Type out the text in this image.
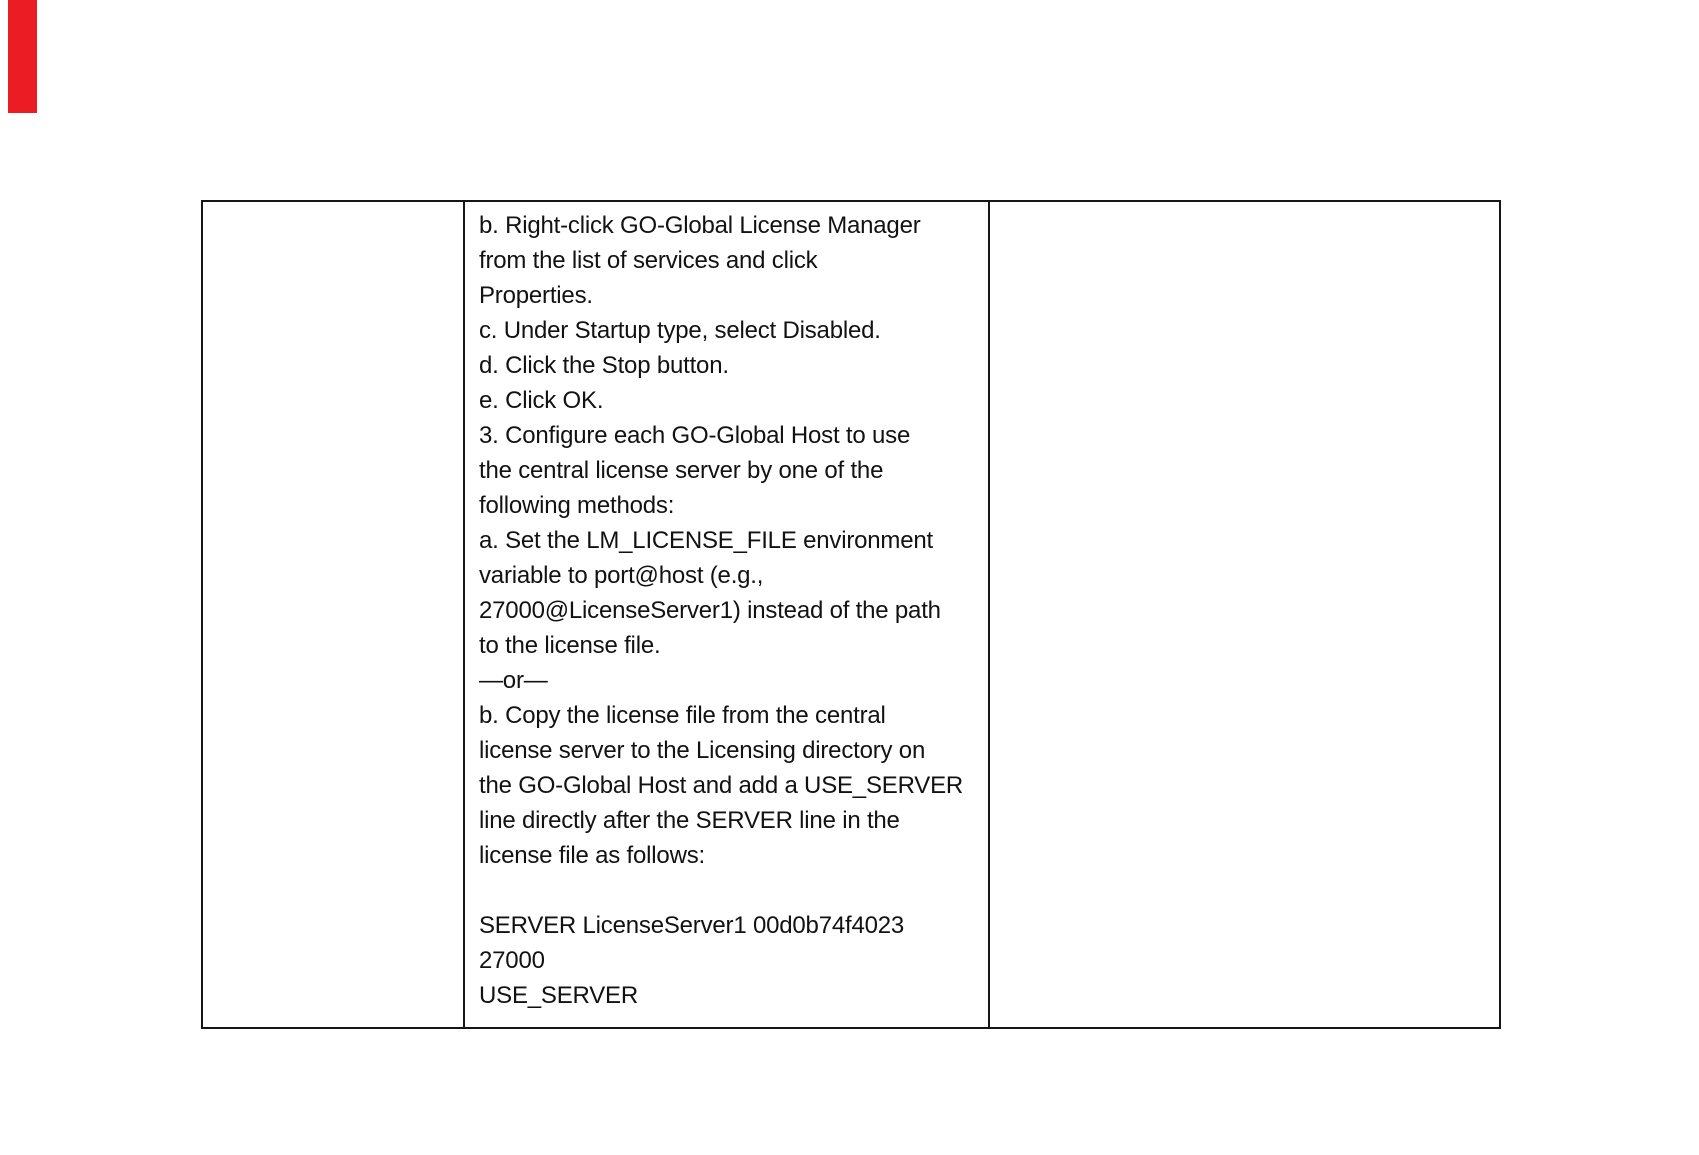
b. Right-click GO-Global License Manager
from the list of services and click
Properties.
c. Under Startup type, select Disabled.
d. Click the Stop button.
e. Click OK.
3. Configure each GO-Global Host to use
the central license server by one of the
following methods:
a. Set the LM_LICENSE_FILE environment
variable to port@host (e.g.,
27000@LicenseServer1) instead of the path
to the license file.
—or—
b. Copy the license file from the central
license server to the Licensing directory on
the GO-Global Host and add a USE_SERVER
line directly after the SERVER line in the
license file as follows:
SERVER LicenseServer1 00d0b74f4023
27000
USE_SERVER
